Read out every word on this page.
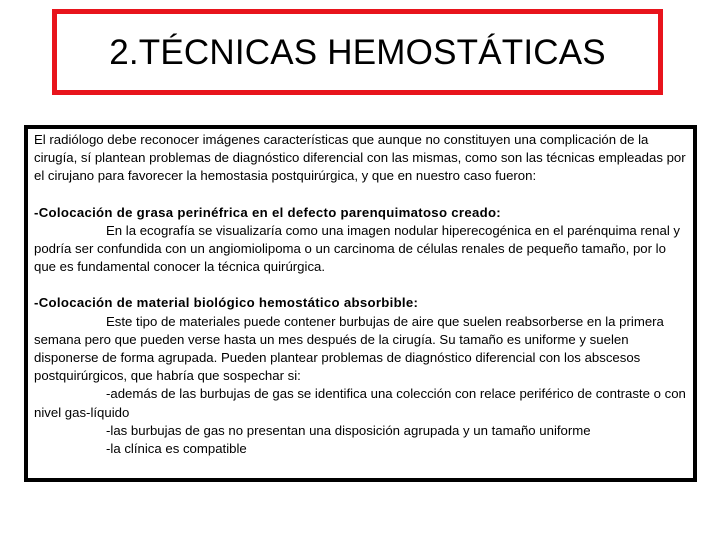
2.TÉCNICAS HEMOSTÁTICAS

El radiólogo debe reconocer imágenes características que aunque no constituyen una complicación de la cirugía, sí plantean problemas de diagnóstico diferencial con las mismas, como son las técnicas empleadas por el cirujano para favorecer la hemostasia postquirúrgica, y que en nuestro caso fueron:

-Colocación de grasa perinéfrica en el defecto parenquimatoso creado:

En la ecografía se visualizaría como una imagen nodular hiperecogénica en el parénquima renal y podría ser confundida con un angiomiolipoma o un carcinoma de células renales de pequeño tamaño, por lo que es fundamental conocer la técnica quirúrgica.

-Colocación de material biológico hemostático absorbible:

Este tipo de materiales puede contener burbujas de aire que suelen reabsorberse en la primera semana pero que pueden verse hasta un mes después de la cirugía. Su tamaño es uniforme y suelen disponerse de forma agrupada. Pueden plantear problemas de diagnóstico diferencial con los abscesos postquirúrgicos, que habría que sospechar si:

-además de las burbujas de gas se identifica una colección con relace periférico de contraste o con nivel gas-líquido

-las burbujas de gas no presentan una disposición agrupada y un tamaño uniforme

-la clínica es compatible
